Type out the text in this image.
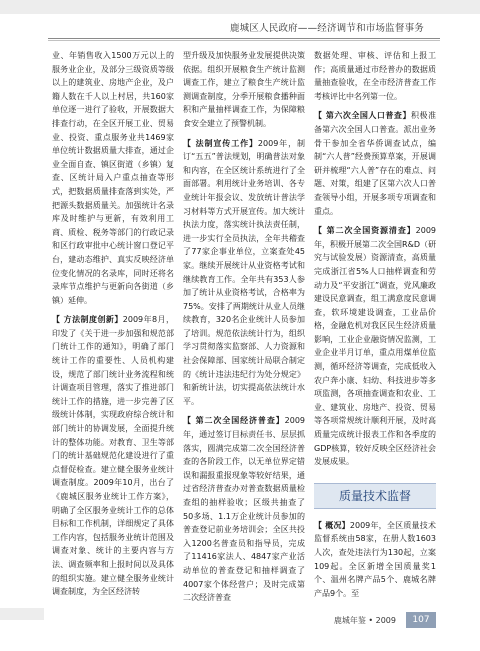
鹿城区人民政府——经济调节和市场监督事务

业、年销售收入1500万元以上的服务业企业，及部分三级资质等级以上的建筑业、房地产企业，及户籍人数在千人以上村居，共160家单位逐一进行了验收，开展数据大排查行动，在全区开展工业、贸易业、投资、重点服务业共1469家单位统计数据质量大排查，通过企业全面自查、镇区街道（乡镇）复查、区统计局入户重点抽查等形式，把数据质量排查落到实处，严把源头数据质量关。加强统计名录库及时维护与更新，有效利用工商、质检、税务等部门的行政记录和区行政审批中心统计窗口登记平台，建动态维护、真实反映经济单位变化情况的名录库，同时还将名录库节点维护与更新向各街道（乡镇）延伸。

【 方法制度创新】2009年8月，印发了《关于进一步加强和规范部门统计工作的通知》，明确了部门统计工作的重要性、人员机构建设，规范了部门统计业务流程和统计调查项目管理，落实了推进部门统计工作的措施，进一步完善了区级统计体制，实现政府综合统计和部门统计的协调发展，全面提升统计的整体功能。对教育、卫生等部门的统计基础规范化建设进行了重点督促检查。建立健全服务业统计调查制度。2009年10月，出台了《鹿城区服务业统计工作方案》，明确了全区服务业统计工作的总体目标和工作机制，详细规定了具体工作内容，包括服务业统计范围及调查对象、统计的主要内容与方法、调查频率和上报时间以及具体的组织实施。建立健全服务业统计调查制度，为全区经济转

型升级及加快服务业发展提供决策依据。组织开展粮食生产统计监测调查工作，建立了粮食生产统计监测调查制度，分季开展粮食播种面积和产量抽样调查工作，为保障粮食安全建立了预警机制。

【 法制宣传工作】2009年，制订“五五”普法规划，明确普法对象和内容，在全区统计系统进行了全面部署。利用统计业务培训、各专业统计年报会议、发放统计普法学习材料等方式开展宣传。加大统计执法力度，落实统计执法责任制，进一步实行全员执法，全年共稽查了77家企事业单位，立案查处45家。继续开展统计从业资格考试和继续教育工作。全年共有353人参加了统计从业资格考试，合格率为75%。安排了两期统计从业人员继续教育，320名企业统计人员参加了培训。规范依法统计行为，组织学习贯彻落实监察部、人力资源和社会保障部、国家统计局联合制定的《统计违法违纪行为处分规定》和新统计法，切实提高依法统计水平。

【 第二次全国经济普查】2009年，通过签订目标责任书、层层抓落实，圆满完成第二次全国经济普查的各阶段工作，以无单位界定错误和漏报重报现象等较好结果，通过省经济普查办对普查数据质量检查组的抽样验收；区级共抽查了50多场、1.1万企业统计员参加的普查登记前业务培训会；全区共投入1200名普查员和指导员，完成了11416家法人、4847家产业活动单位的普查登记和抽样调查了4007家个体经营户；及时完成第二次经济普查

数据处理、审核、评估和上报工作；高质量通过市经普办的数据质量抽查验收，在全市经济普查工作考核评比中名列第一位。

【 第六次全国人口普查】积极准备第六次全国人口普查。派出业务骨干参加全省华侨调查试点，编制“六人普”经费预算草案，开展调研并梳理“六人普”存在的难点、问题、对策，组建了区第六次人口普查领导小组，开展多项专项调查和重点。

【 第二次全国资源清查】2009年，积极开展第二次全国R&D（研究与试验发展）资源清查，高质量完成浙江省5%人口抽样调查和劳动力及“平安浙江”调查，党风廉政建设民意调查，组工满意度民意调查，软环境建设调查，工业品价格，金融危机对我区民生经济质量影响，工业企业融资情况监测，工业企业半月订单，重点用煤单位监测，循环经济等调查，完成低收入农户奔小康、妇幼、科技进步等多项监测，各项抽查调查和农业、工业、建筑业、房地产、投资、贸易等各项常规统计顺利开展，及时高质量完成统计报表工作和各季度的GDP核算，较好反映全区经济社会发展成果。

质量技术监督

【 概况】2009年，全区质量技术监督系统由58家，在册人数1603人次，查处违法行为130起，立案109起。全区新增全国质量奖1个、温州名牌产品5个、鹿城名牌产品9个。至

鹿城年鉴 • 2009	107
